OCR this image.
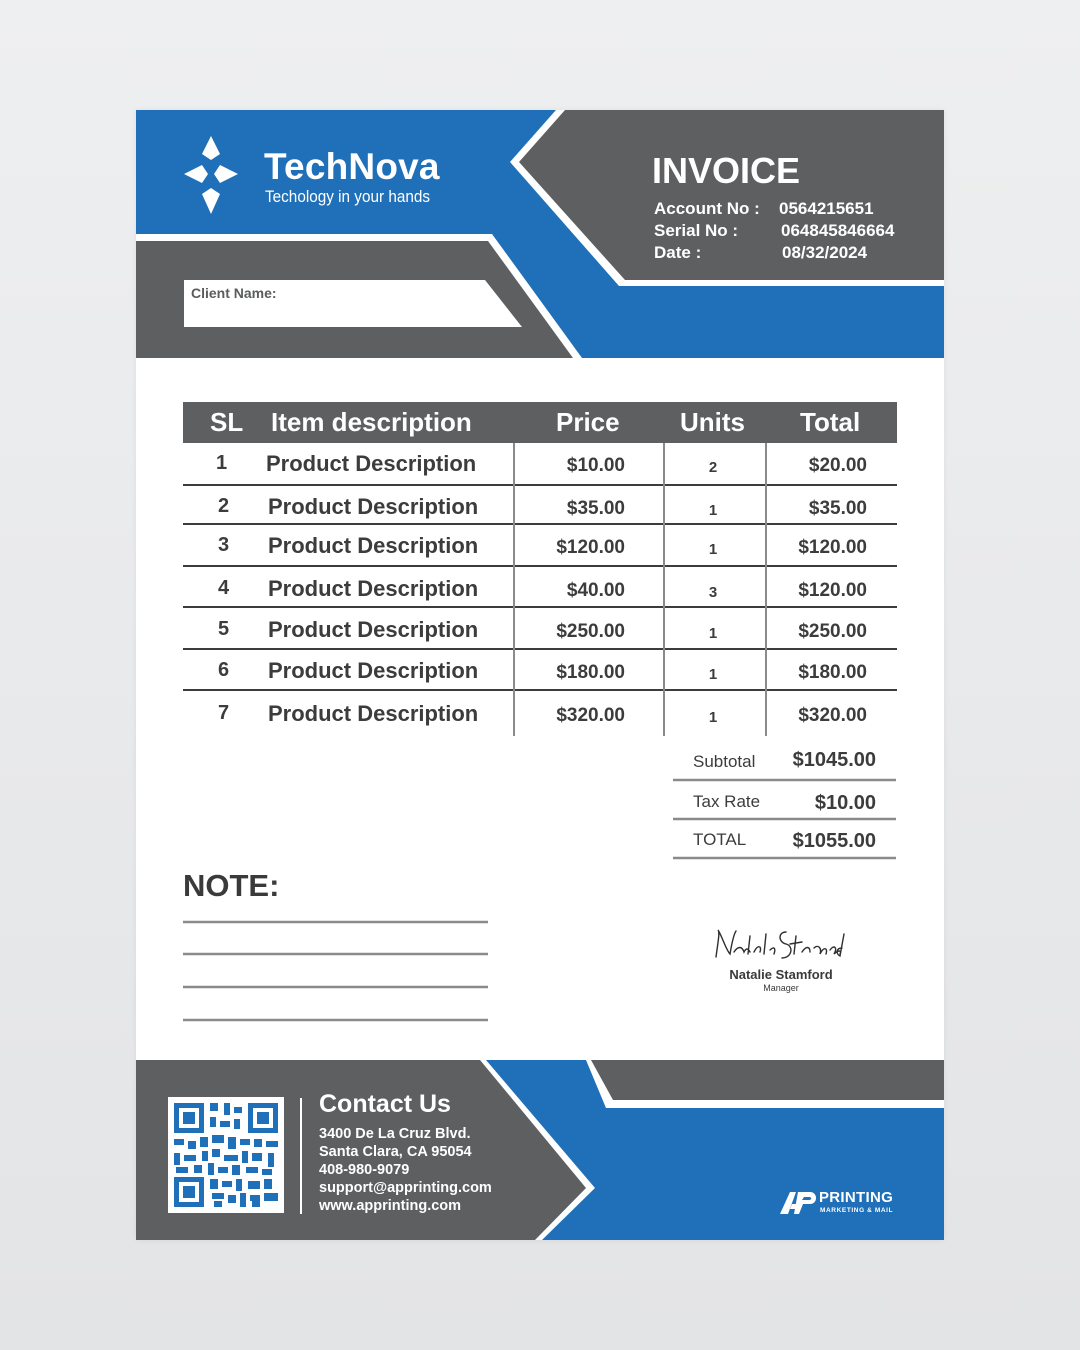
TechNova
Techology in your hands
INVOICE
Account No : 0564215651
Serial No :	064845846664
Date :	08/32/2024
Client Name:
SL Item description	Price Units Total
1 Product Description	$10.00	2	$20.00
2 Product Description	$35.00	1	$35.00
3 Product Description	$120.00	1	$120.00
4 Product Description	$40.00	3	$120.00
5 Product Description	$250.00	1	$250.00
6 Product Description	$180.00	1	$180.00
7 Product Description	$320.00	1	$320.00
Subtotal	$1045.00
Tax Rate	$10.00
TOTAL	$1055.00
NOTE:
Natalie Stamford
Manager
Contact Us
3400 De La Cruz Blvd.
Santa Clara, CA 95054
408-980-9079
support@apprinting.com
www.apprinting.com	PRINTING
MARKETING & MAIL
